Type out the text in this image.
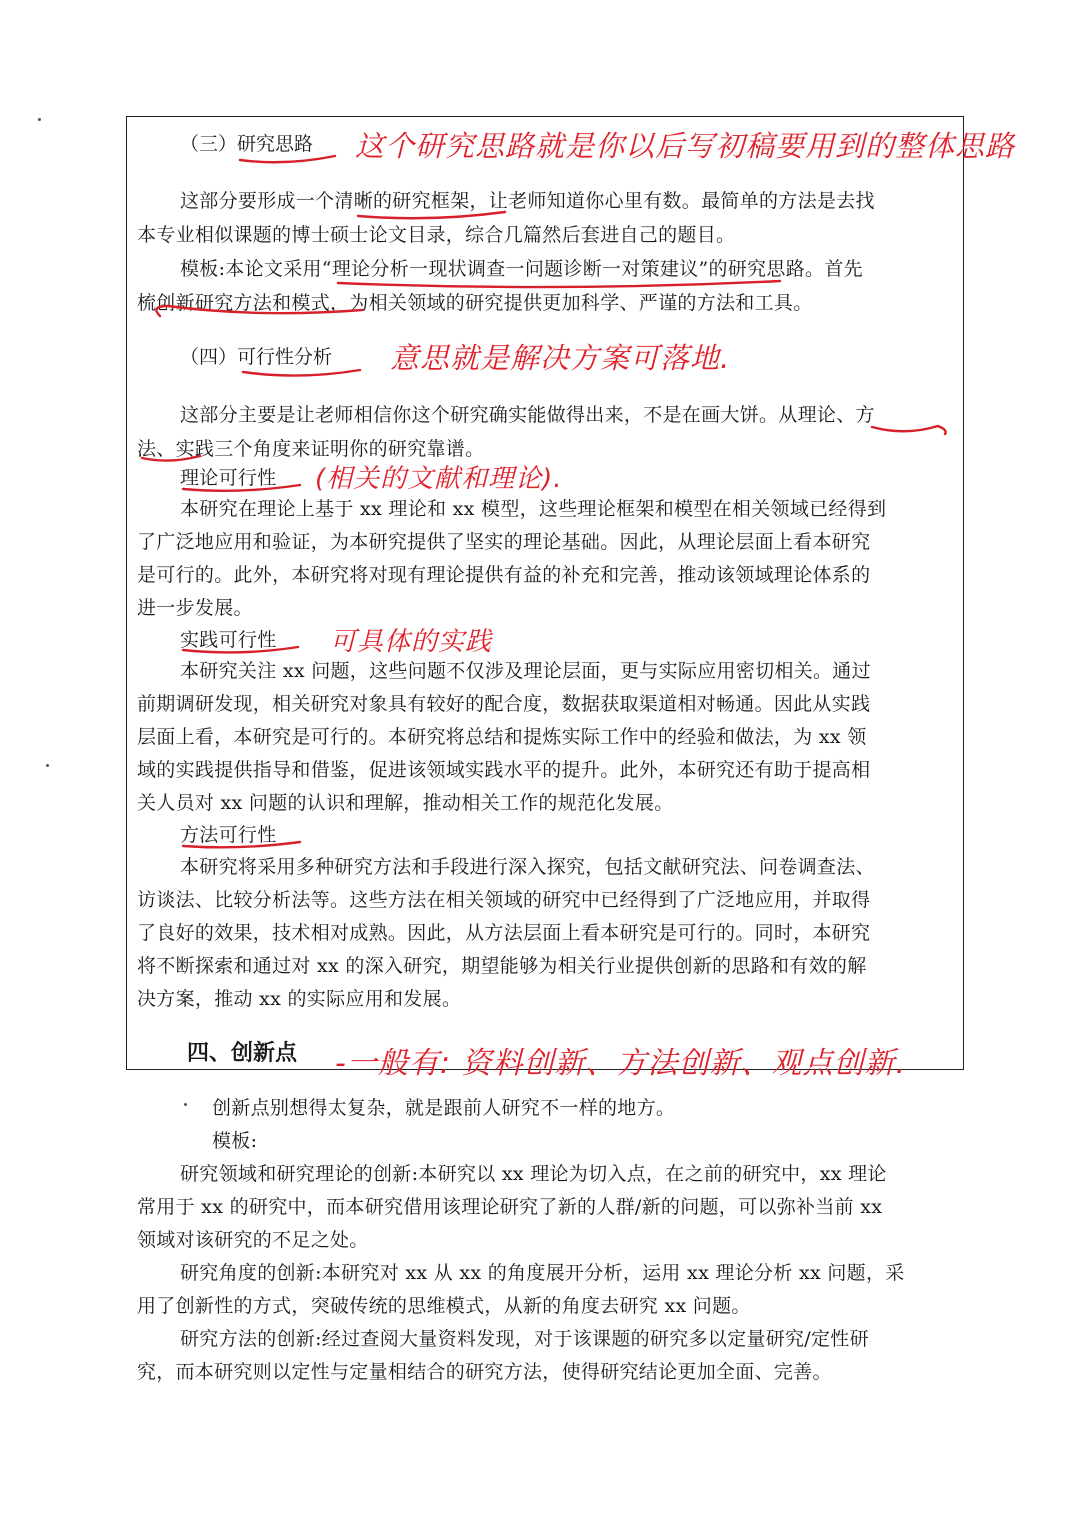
（三）研究思路 这个研究思路就是你以后写初稿要用到的整体思路
这部分要形成一个清晰的研究框架，让老师知道你心里有数。最简单的方法是去找
本专业相似课题的博士硕士论文目录，综合几篇然后套进自己的题目。
模板:本论文采用“理论分析一现状调查一问题诊断一对策建议”的研究思路。首先
梳创新研究方法和模式，为相关领域的研究提供更加科学、严谨的方法和工具。
（四）可行性分析 意思就是解决方案可落地.
这部分主要是让老师相信你这个研究确实能做得出来，不是在画大饼。从理论、方
法、实践三个角度来证明你的研究靠谱。
理论可行性 (相关的文献和理论).
本研究在理论上基于 xx 理论和 xx 模型，这些理论框架和模型在相关领域已经得到
了广泛地应用和验证，为本研究提供了坚实的理论基础。因此，从理论层面上看本研究
是可行的。此外，本研究将对现有理论提供有益的补充和完善，推动该领域理论体系的
进一步发展。
实践可行性 可具体的实践
本研究关注 xx 问题，这些问题不仅涉及理论层面，更与实际应用密切相关。通过
前期调研发现，相关研究对象具有较好的配合度，数据获取渠道相对畅通。因此从实践
层面上看，本研究是可行的。本研究将总结和提炼实际工作中的经验和做法，为 xx 领
域的实践提供指导和借鉴，促进该领域实践水平的提升。此外，本研究还有助于提高相
关人员对 xx 问题的认识和理解，推动相关工作的规范化发展。
方法可行性
本研究将采用多种研究方法和手段进行深入探究，包括文献研究法、问卷调查法、
访谈法、比较分析法等。这些方法在相关领域的研究中已经得到了广泛地应用，并取得
了良好的效果，技术相对成熟。因此，从方法层面上看本研究是可行的。同时，本研究
将不断探索和通过对 xx 的深入研究，期望能够为相关行业提供创新的思路和有效的解
决方案，推动 xx 的实际应用和发展。
四、创新点 -一般有: 资料创新、方法创新、观点创新.
创新点别想得太复杂，就是跟前人研究不一样的地方。
模板:
研究领域和研究理论的创新:本研究以 xx 理论为切入点，在之前的研究中，xx 理论
常用于 xx 的研究中，而本研究借用该理论研究了新的人群/新的问题，可以弥补当前 xx
领域对该研究的不足之处。
研究角度的创新:本研究对 xx 从 xx 的角度展开分析，运用 xx 理论分析 xx 问题，采
用了创新性的方式，突破传统的思维模式，从新的角度去研究 xx 问题。
研究方法的创新:经过查阅大量资料发现，对于该课题的研究多以定量研究/定性研
究，而本研究则以定性与定量相结合的研究方法，使得研究结论更加全面、完善。
